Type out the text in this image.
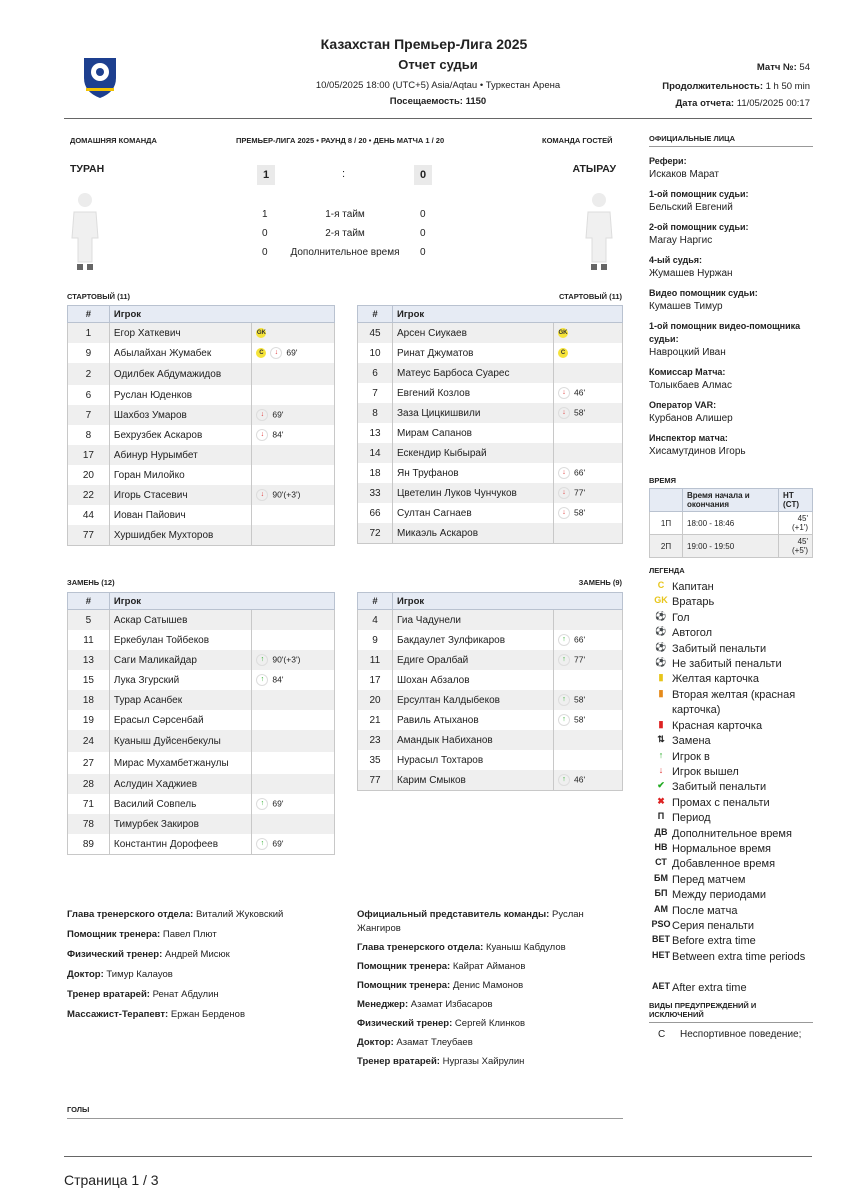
Казахстан Премьер-Лига 2025
Отчет судьи
10/05/2025 18:00 (UTC+5) Asia/Aqtau • Туркестан Арена
Посещаемость: 1150
Матч №: 54
Продолжительность: 1 h 50 min
Дата отчета: 11/05/2025 00:17
ДОМАШНЯЯ КОМАНДА	ПРЕМЬЕР-ЛИГА 2025 • РАУНД 8 / 20 • ДЕНЬ МАТЧА 1 / 20	КОМАНДА ГОСТЕЙ
ТУРАН	АТЫРАУ
1	:	0
1	1-я тайм	0
0	2-я тайм	0
0	Дополнительное время	0
СТАРТОВЫЙ (11)	СТАРТОВЫЙ (11)
#	Игрок	
1	Егор Хаткевич	GK
9	Абылайхан Жумабек	C ↓ 69'
2	Одилбек Абдумажидов	
6	Руслан Юденков	
7	Шахбоз Умаров	↓ 69'
8	Бехрузбек Аскаров	↓ 84'
17	Абинур Нурымбет	
20	Горан Милойко	
22	Игорь Стасевич	↓ 90'(+3')
44	Иован Пайович	
77	Хуршидбек Мухторов	
#	Игрок	
45	Арсен Сиукаев	GK
10	Ринат Джуматов	C
6	Матеус Барбоса Суарес	
7	Евгений Козлов	↓ 46'
8	Заза Цицкишвили	↓ 58'
13	Мирам Сапанов	
14	Ескендир Кыбырай	
18	Ян Труфанов	↓ 66'
33	Цветелин Луков Чунчуков	↓ 77'
66	Султан Сагнаев	↓ 58'
72	Микаэль Аскаров	
ЗАМЕНЬ (12)	ЗАМЕНЬ (9)
#	Игрок	
5	Аскар Сатышев	
11	Еркебулан Тойбеков	
13	Саги Маликайдар	↑ 90'(+3')
15	Лука Згурский	↑ 84'
18	Турар Асанбек	
19	Ерасыл Сәрсенбай	
24	Куаныш Дуйсенбекулы	
27	Мирас Мухамбетжанулы	
28	Аслудин Хаджиев	
71	Василий Совпель	↑ 69'
78	Тимурбек Закиров	
89	Константин Дорофеев	↑ 69'
#	Игрок	
4	Гиа Чадунели	
9	Бакдаулет Зулфикаров	↑ 66'
11	Едиге Оралбай	↑ 77'
17	Шохан Абзалов	
20	Ерсултан Калдыбеков	↑ 58'
21	Равиль Атыханов	↑ 58'
23	Амандык Набиханов	
35	Нурасыл Тохтаров	
77	Карим Смыков	↑ 46'
Глава тренерского отдела: Виталий Жуковский
Помощник тренера: Павел Плют
Физический тренер: Андрей Мисюк
Доктор: Тимур Калауов
Тренер вратарей: Ренат Абдулин
Массажист-Терапевт: Ержан Берденов
Официальный представитель команды: Руслан Жангиров
Глава тренерского отдела: Куаныш Кабдулов
Помощник тренера: Кайрат Айманов
Помощник тренера: Денис Мамонов
Менеджер: Азамат Избасаров
Физический тренер: Сергей Клинков
Доктор: Азамат Тлеубаев
Тренер вратарей: Нургазы Хайрулин
ГОЛЫ
ОФИЦИАЛЬНЫЕ ЛИЦА
Рефери:
Искаков Марат
1-ой помощник судьи:
Бельский Евгений
2-ой помощник судьи:
Магау Наргис
4-ый судья:
Жумашев Нуржан
Видео помощник судьи:
Кумашев Тимур
1-ой помощник видео-помощника судьи:
Навроцкий Иван
Комиссар Матча:
Толыкбаев Алмас
Оператор VAR:
Курбанов Алишер
Инспектор матча:
Хисамутдинов Игорь
ВРЕМЯ
	Время начала и окончания	HT (CT)
1П	18:00 - 18:46	45' (+1')
2П	19:00 - 19:50	45' (+5')
ЛЕГЕНДА
C Капитан
GK Вратарь
⚽ Гол
⚽ Автогол
⚽ Забитый пенальти
⚽ Не забитый пенальти
▮ Желтая карточка
▮ Вторая желтая (красная карточка)
▮ Красная карточка
⇅ Замена
↑ Игрок в
↓ Игрок вышел
✔ Забитый пенальти
✖ Промах с пенальти
П Период
ДВ Дополнительное время
НВ Нормальное время
СТ Добавленное время
БМ Перед матчем
БП Между периодами
АМ После матча
PSO Серия пенальти
BET Before extra time
HET Between extra time periods
AET After extra time
ВИДЫ ПРЕДУПРЕЖДЕНИЙ И ИСКЛЮЧЕНИЙ
C Неспортивное поведение;
Страница 1 / 3
